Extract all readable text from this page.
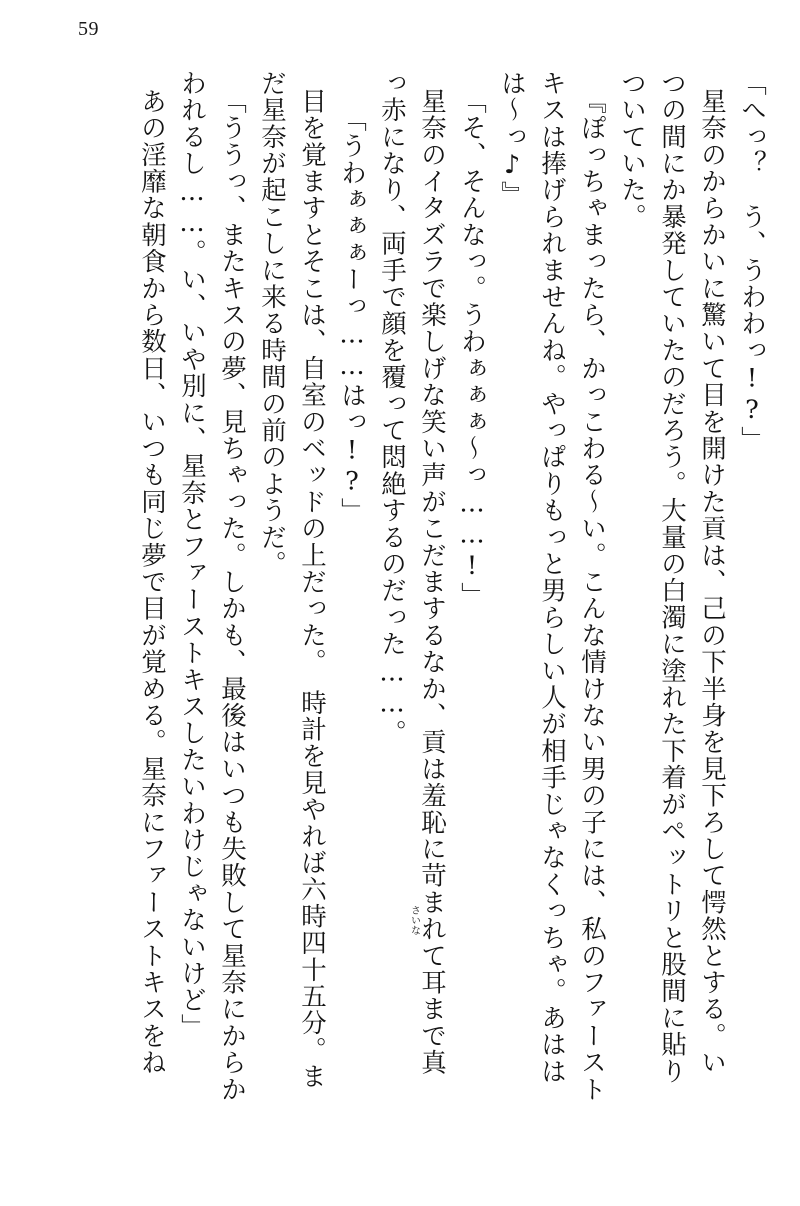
59
「へっ？　う、うわわっ!?」
星奈のからかいに驚いて目を開けた貢は、己の下半身を見下ろして愕然とする。い
つの間にか暴発していたのだろう。大量の白濁に塗れた下着がペットリと股間に貼り
ついていた。
『ぽっちゃまったら、かっこわる～い。こんな情けない男の子には、私のファースト
キスは捧げられませんね。やっぱりもっと男らしい人が相手じゃなくっちゃ。あはは
は～っ♪』
「そ、そんなっ。うわぁぁぁ～っ……!」
星奈のイタズラで楽しげな笑い声がこだまするなか、貢は羞恥に苛まれて耳まで真
っ赤になり、両手で顔を覆って悶絶するのだった……。
「うわぁぁぁーっ……はっ!?」
目を覚ますとそこは、自室のベッドの上だった。　時計を見やれば六時四十五分。ま
だ星奈が起こしに来る時間の前のようだ。
「ううっ、またキスの夢、見ちゃった。しかも、最後はいつも失敗して星奈にからか
われるし……。い、いや別に、星奈とファーストキスしたいわけじゃないけど」
あの淫靡な朝食から数日、いつも同じ夢で目が覚める。星奈にファーストキスをね	さいな
